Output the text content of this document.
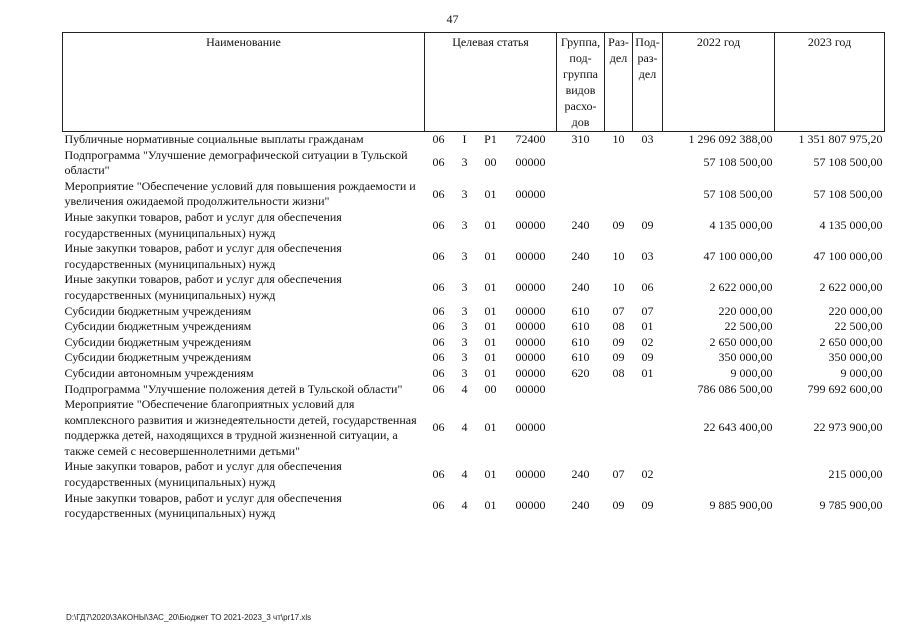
47
Наименование	Целевая статья				Группа, под-группа видов расхо-дов	Раз-дел	Под-раз-дел	2022 год	2023 год
Публичные нормативные социальные выплаты гражданам	06	I	P1	72400	310	10	03	1 296 092 388,00	1 351 807 975,20
Подпрограмма "Улучшение демографической ситуации в Тульской области"	06	3	00	00000				57 108 500,00	57 108 500,00
Мероприятие "Обеспечение условий для повышения рождаемости и увеличения ожидаемой продолжительности жизни"	06	3	01	00000				57 108 500,00	57 108 500,00
Иные закупки товаров, работ и услуг для обеспечения государственных (муниципальных) нужд	06	3	01	00000	240	09	09	4 135 000,00	4 135 000,00
Иные закупки товаров, работ и услуг для обеспечения государственных (муниципальных) нужд	06	3	01	00000	240	10	03	47 100 000,00	47 100 000,00
Иные закупки товаров, работ и услуг для обеспечения государственных (муниципальных) нужд	06	3	01	00000	240	10	06	2 622 000,00	2 622 000,00
Субсидии бюджетным учреждениям	06	3	01	00000	610	07	07	220 000,00	220 000,00
Субсидии бюджетным учреждениям	06	3	01	00000	610	08	01	22 500,00	22 500,00
Субсидии бюджетным учреждениям	06	3	01	00000	610	09	02	2 650 000,00	2 650 000,00
Субсидии бюджетным учреждениям	06	3	01	00000	610	09	09	350 000,00	350 000,00
Субсидии автономным учреждениям	06	3	01	00000	620	08	01	9 000,00	9 000,00
Подпрограмма "Улучшение положения детей в Тульской области"	06	4	00	00000				786 086 500,00	799 692 600,00
Мероприятие "Обеспечение благоприятных условий для комплексного развития и жизнедеятельности детей, государственная поддержка детей, находящихся в трудной жизненной ситуации, а также семей с несовершеннолетними детьми"	06	4	01	00000				22 643 400,00	22 973 900,00
Иные закупки товаров, работ и услуг для обеспечения государственных (муниципальных) нужд	06	4	01	00000	240	07	02		215 000,00
Иные закупки товаров, работ и услуг для обеспечения государственных (муниципальных) нужд	06	4	01	00000	240	09	09	9 885 900,00	9 785 900,00
D:\ГД7\2020\ЗАКОНЫ\ЗАС_20\Бюджет ТО 2021-2023_3 чт\pr17.xls
